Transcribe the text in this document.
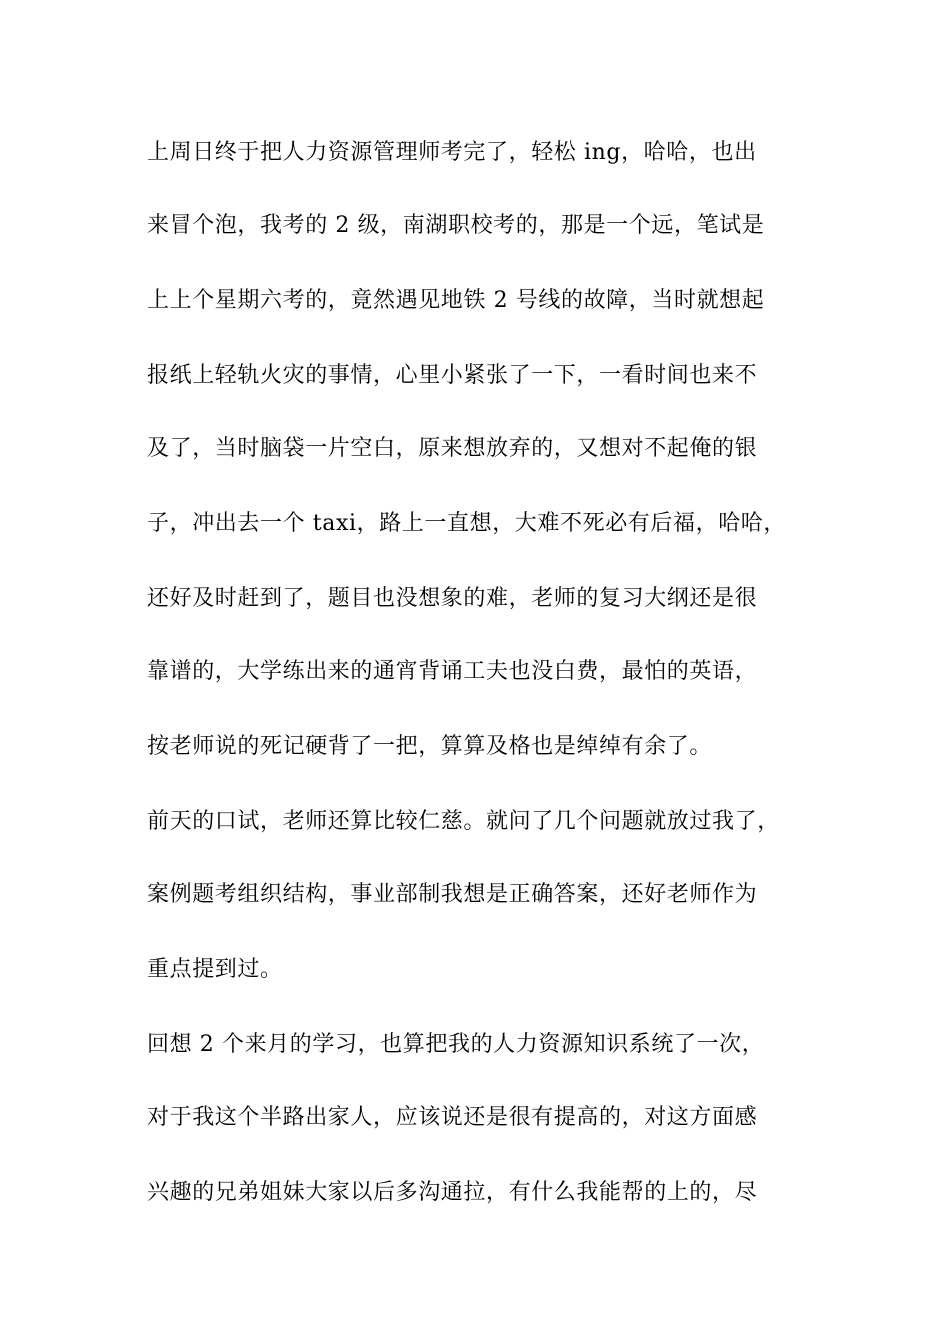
上周日终于把人力资源管理师考完了，轻松 ing，哈哈，也出
来冒个泡，我考的 2 级，南湖职校考的，那是一个远，笔试是
上上个星期六考的，竟然遇见地铁 2 号线的故障，当时就想起
报纸上轻轨火灾的事情，心里小紧张了一下，一看时间也来不
及了，当时脑袋一片空白，原来想放弃的，又想对不起俺的银
子，冲出去一个 taxi，路上一直想，大难不死必有后福，哈哈，
还好及时赶到了，题目也没想象的难，老师的复习大纲还是很
靠谱的，大学练出来的通宵背诵工夫也没白费，最怕的英语，
按老师说的死记硬背了一把，算算及格也是绰绰有余了。
前天的口试，老师还算比较仁慈。就问了几个问题就放过我了，
案例题考组织结构，事业部制我想是正确答案，还好老师作为
重点提到过。
回想 2 个来月的学习，也算把我的人力资源知识系统了一次，
对于我这个半路出家人，应该说还是很有提高的，对这方面感
兴趣的兄弟姐妹大家以后多沟通拉，有什么我能帮的上的，尽
